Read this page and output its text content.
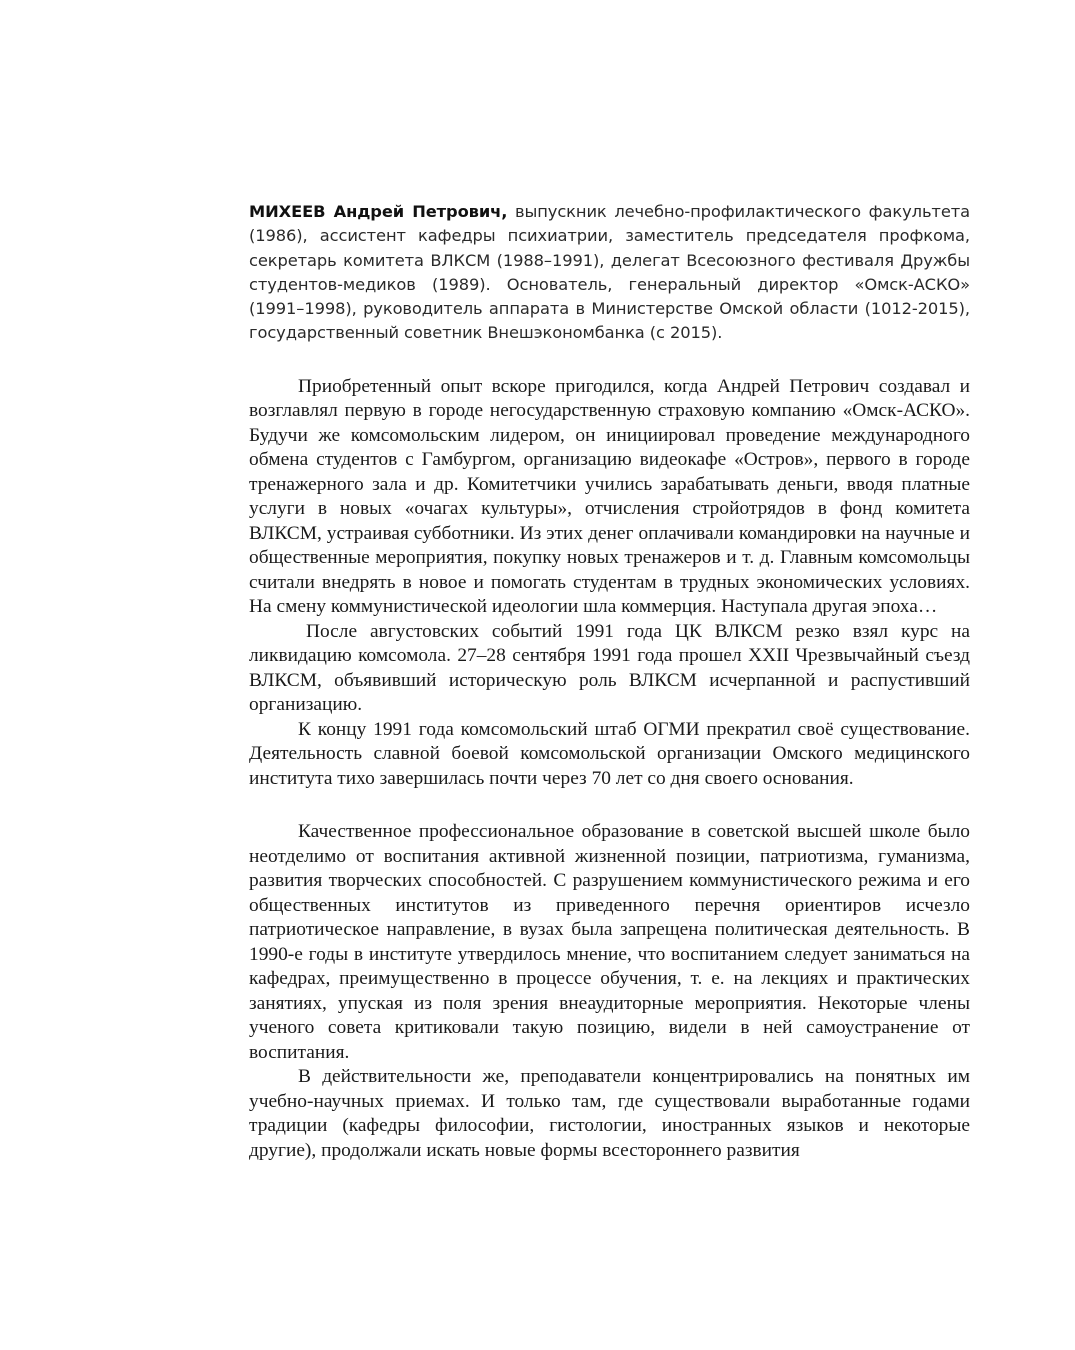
МИХЕЕВ Андрей Петрович, выпускник лечебно-профилактического факультета (1986), ассистент кафедры психиатрии, заместитель председателя профкома, секретарь комитета ВЛКСМ (1988–1991), делегат Всесоюзного фестиваля Дружбы студентов-медиков (1989). Основатель, генеральный директор «Омск-АСКО» (1991–1998), руководитель аппарата в Министерстве Омской области (1012-2015), государственный советник Внешэкономбанка (с 2015).

Приобретенный опыт вскоре пригодился, когда Андрей Петрович создавал и возглавлял первую в городе негосударственную страховую компанию «Омск-АСКО». Будучи же комсомольским лидером, он инициировал проведение международного обмена студентов с Гамбургом, организацию видеокафе «Остров», первого в городе тренажерного зала и др. Комитетчики учились зарабатывать деньги, вводя платные услуги в новых «очагах культуры», отчисления стройотрядов в фонд комитета ВЛКСМ, устраивая субботники. Из этих денег оплачивали командировки на научные и общественные мероприятия, покупку новых тренажеров и т. д. Главным комсомольцы считали внедрять в новое и помогать студентам в трудных экономических условиях. На смену коммунистической идеологии шла коммерция. Наступала другая эпоха…

После августовских событий 1991 года ЦК ВЛКСМ резко взял курс на ликвидацию комсомола. 27–28 сентября 1991 года прошел XXII Чрезвычайный съезд ВЛКСМ, объявивший историческую роль ВЛКСМ исчерпанной и распустивший организацию.

К концу 1991 года комсомольский штаб ОГМИ прекратил своё существование. Деятельность славной боевой комсомольской организации Омского медицинского института тихо завершилась почти через 70 лет со дня своего основания.

Качественное профессиональное образование в советской высшей школе было неотделимо от воспитания активной жизненной позиции, патриотизма, гуманизма, развития творческих способностей. С разрушением коммунистического режима и его общественных институтов из приведенного перечня ориентиров исчезло патриотическое направление, в вузах была запрещена политическая деятельность. В 1990-е годы в институте утвердилось мнение, что воспитанием следует заниматься на кафедрах, преимущественно в процессе обучения, т. е. на лекциях и практических занятиях, упуская из поля зрения внеаудиторные мероприятия. Некоторые члены ученого совета критиковали такую позицию, видели в ней самоустранение от воспитания.

В действительности же, преподаватели концентрировались на понятных им учебно-научных приемах. И только там, где существовали выработанные годами традиции (кафедры философии, гистологии, иностранных языков и некоторые другие), продолжали искать новые формы всестороннего развития
